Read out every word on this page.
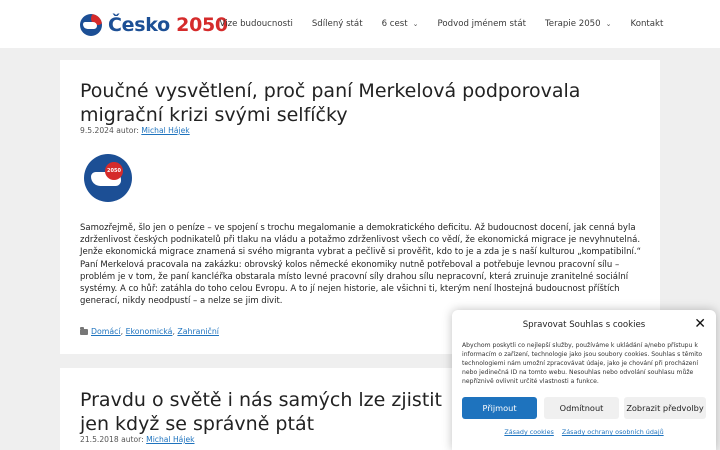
Česko 2050
Vize budoucnosti Sdílený stát 6 cest ⌄ Podvod jménem stát Terapie 2050 ⌄ Kontakt
Poučné vysvětlení, proč paní Merkelová podporovala migrační krizi svými selfíčky
9.5.2024 autor: Michal Hájek
2050

Samozřejmě, šlo jen o peníze – ve spojení s trochu megalomanie a demokratického deficitu. Až budoucnost docení, jak cenná byla zdrženlivost českých podnikatelů při tlaku na vládu a potažmo zdrženlivost všech co vědí, že ekonomická migrace je nevyhnutelná. Jenže ekonomická migrace znamená si svého migranta vybrat a pečlivě si prověřit, kdo to je a zda je s naší kulturou „kompatibilní.“ Paní Merkelová pracovala na zakázku: obrovský kolos německé ekonomiky nutně potřeboval a potřebuje levnou pracovní sílu – problém je v tom, že paní kancléřka obstarala místo levné pracovní síly drahou sílu nepracovní, která zruinuje zranitelné sociální systémy. A co hůř: zatáhla do toho celou Evropu. A to jí nejen historie, ale všichni ti, kterým není lhostejná budoucnost příštích generací, nikdy neodpustí – a nelze se jim divit.

Domácí , Ekonomická , Zahraniční
Pravdu o světě i nás samých lze zjistit jen když se správně ptát
21.5.2018 autor: Michal Hájek
Spravovat Souhlas s cookies	✕

Abychom poskytli co nejlepší služby, používáme k ukládání a/nebo přístupu k informacím o zařízení, technologie jako jsou soubory cookies. Souhlas s těmito technologiemi nám umožní zpracovávat údaje, jako je chování při procházení nebo jedinečná ID na tomto webu. Nesouhlas nebo odvolání souhlasu může nepříznivě ovlivnit určité vlastnosti a funkce.

Přijmout	Odmítnout	Zobrazit předvolby
Zásady cookies Zásady ochrany osobních údajů
